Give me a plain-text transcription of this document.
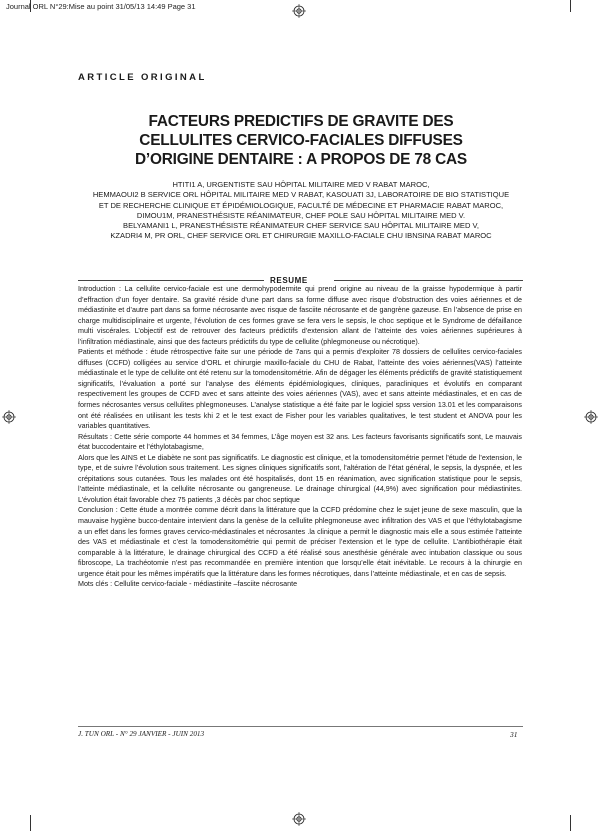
Journal ORL N°29:Mise au point 31/05/13 14:49 Page 31
ARTICLE ORIGINAL
FACTEURS PREDICTIFS DE GRAVITE DES
CELLULITES CERVICO-FACIALES DIFFUSES
D’ORIGINE DENTAIRE : A PROPOS DE 78 CAS
HTITI1 A, URGENTISTE SAU HÔPITAL MILITAIRE MED V RABAT MAROC,
HEMMAOUI2 B SERVICE ORL HÔPITAL MILITAIRE MED V RABAT, KASOUATI 3J, LABORATOIRE DE BIO STATISTIQUE
ET DE RECHERCHE CLINIQUE ET ÉPIDÉMIOLOGIQUE, FACULTÉ DE MÉDECINE ET PHARMACIE RABAT MAROC,
DIMOU1M, PRANESTHÉSISTE RÉANIMATEUR, CHEF POLE SAU HÔPITAL MILITAIRE MED V.
BELYAMANI1 L, PRANESTHÉSISTE RÉANIMATEUR CHEF SERVICE SAU HÔPITAL MILITAIRE MED V,
KZADRI4 M, PR ORL, CHEF SERVICE ORL ET CHIRURGIE MAXILLO-FACIALE CHU IBNSINA RABAT MAROC
RESUME

Introduction : La cellulite cervico-faciale est une dermohypodermite qui prend origine au niveau de la graisse hypodermique à partir d’effraction d’un foyer dentaire. Sa gravité réside d’une part dans sa forme diffuse avec risque d’obstruction des voies aériennes et de médiastinite et d’autre part dans sa forme nécrosante avec risque de fasciite nécrosante et de gangrène gazeuse. En l’absence de prise en charge multidisciplinaire et urgente, l’évolution de ces formes grave se fera vers le sepsis, le choc septique et le Syndrome de défaillance multi viscérales. L’objectif est de retrouver des facteurs prédictifs d’extension allant de l’atteinte des voies aériennes supérieures à l’infiltration médiastinale, ainsi que des facteurs prédictifs du type de cellulite (phlegmoneuse ou nécrotique).

Patients et méthode : étude rétrospective faite sur une période de 7ans qui a permis d’exploiter 78 dossiers de cellulites cervico-faciales diffuses (CCFD) colligées au service d’ORL et chirurgie maxillo-faciale du CHU de Rabat, l’atteinte des voies aériennes(VAS) l’atteinte médiastinale et le type de cellulite ont été retenu sur la tomodensitométrie. Afin de dégager les éléments prédictifs de gravité statistiquement significatifs, l’évaluation a porté sur l’analyse des éléments épidémiologiques, cliniques, paracliniques et évolutifs en comparant respectivement les groupes de CCFD avec et sans atteinte des voies aériennes (VAS), avec et sans atteinte médiastinales, et en cas de formes nécrosantes versus cellulites phlegmoneuses. L’analyse statistique a été faite par le logiciel spss version 13.01 et les comparaisons ont été réalisées en utilisant les tests khi 2 et le test exact de Fisher pour les variables qualitatives, le test student et ANOVA pour les variables quantitatives.

Résultats : Cette série comporte 44 hommes et 34 femmes, L’âge moyen est 32 ans. Les facteurs favorisants significatifs sont, Le mauvais état buccodentaire et l’éthylotabagisme,

Alors que les AINS et Le diabète ne sont pas significatifs. Le diagnostic est clinique, et la tomodensitométrie permet l’étude de l’extension, le type, et de suivre l’évolution sous traitement. Les signes cliniques significatifs sont, l’altération de l’état général, le sepsis, la dyspnée, et les crépitations sous cutanées. Tous les malades ont été hospitalisés, dont 15 en réanimation, avec signification statistique pour le sepsis, l’atteinte médiastinale, et la cellulite nécrosante ou gangreneuse. Le drainage chirurgical (44,9%) avec signification pour médiastinites. L’évolution était favorable chez 75 patients ,3 décès par choc septique

Conclusion : Cette étude a montrée comme décrit dans la littérature que la CCFD prédomine chez le sujet jeune de sexe masculin, que la mauvaise hygiène bucco-dentaire intervient dans la genèse de la cellulite phlegmoneuse avec infiltration des VAS et que l’éthylotabagisme a un effet dans les formes graves cervico-médiastinales et nécrosantes .la clinique a permit le diagnostic mais elle a sous estimée l’atteinte des VAS et médiastinale et c’est la tomodensitométrie qui permit de préciser l’extension et le type de cellulite. L’antibiothérapie était comparable à la littérature, le drainage chirurgical des CCFD a été réalisé sous anesthésie générale avec intubation classique ou sous fibroscope, La trachéotomie n’est pas recommandée en première intention que lorsqu’elle était inévitable. Le recours à la chirurgie en urgence était pour les mêmes impératifs que la littérature dans les formes nécrotiques, dans l’atteinte médiastinale, et en cas de sepsis.

Mots clés : Cellulite cervico-faciale - médiastinite –fasciite nécrosante

J. TUN ORL - N° 29 JANVIER - JUIN 2013	31
